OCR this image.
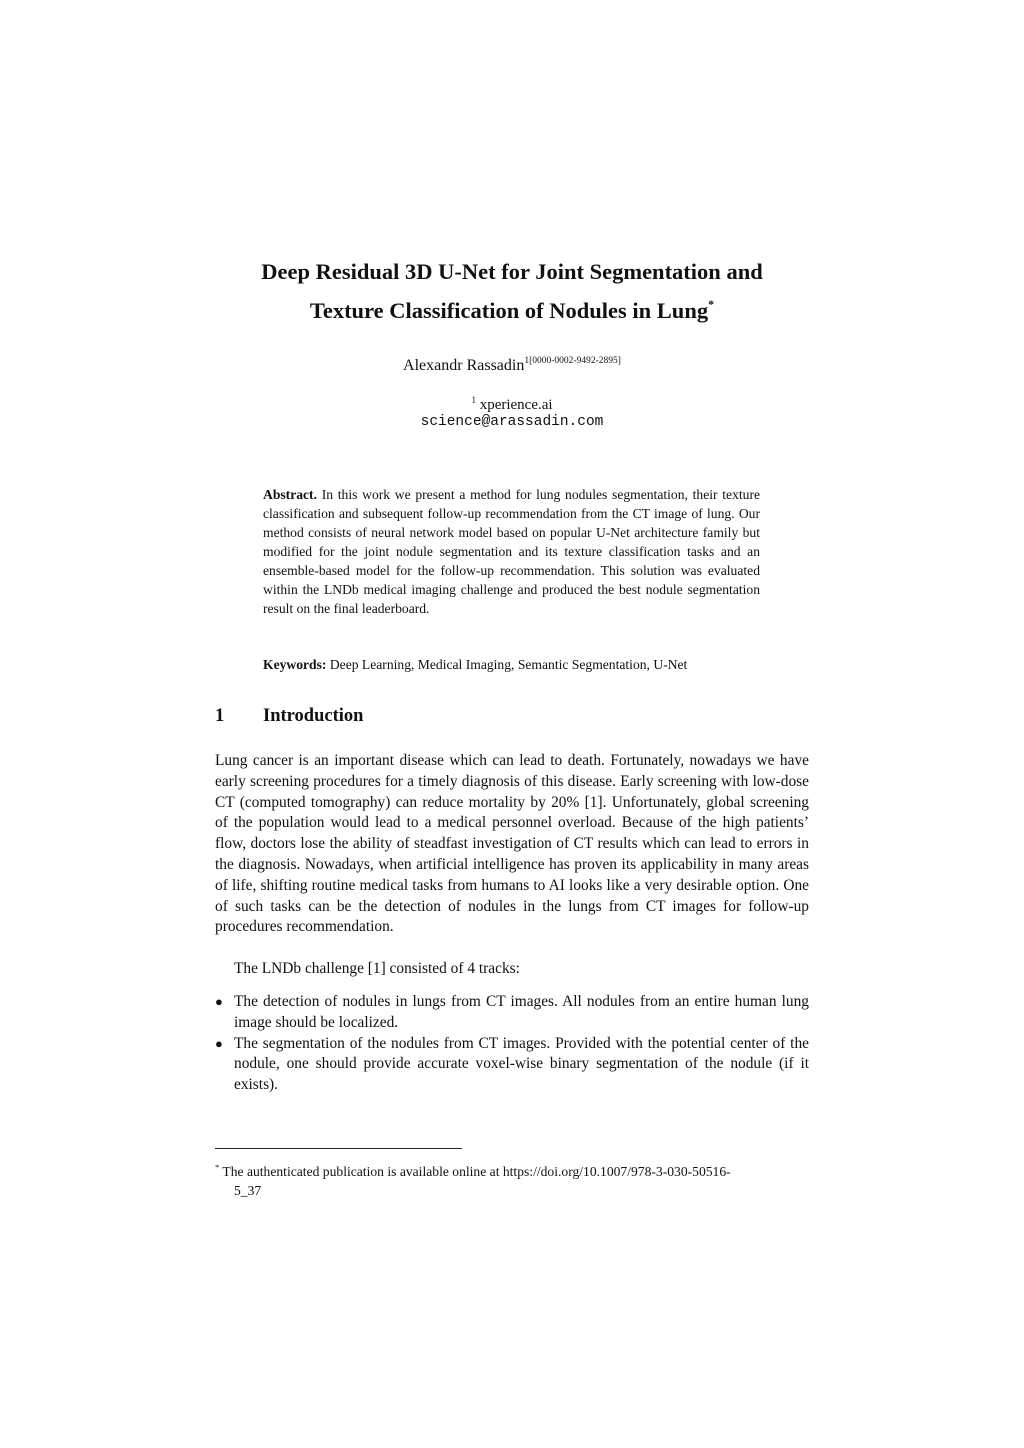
Deep Residual 3D U-Net for Joint Segmentation and
Texture Classification of Nodules in Lung*
Alexandr Rassadin$^{1[0000-0002-9492-2895]}$
$^1$ xperience.ai
science@arassadin.com

Abstract. In this work we present a method for lung nodules segmentation, their texture classification and subsequent follow-up recommendation from the CT image of lung. Our method consists of neural network model based on popular U-Net architecture family but modified for the joint nodule segmentation and its texture classification tasks and an ensemble-based model for the follow-up recommendation. This solution was evaluated within the LNDb medical imaging challenge and produced the best nodule segmentation result on the final leaderboard.

Keywords: Deep Learning, Medical Imaging, Semantic Segmentation, U-Net

1 Introduction

Lung cancer is an important disease which can lead to death. Fortunately, nowadays we have early screening procedures for a timely diagnosis of this disease. Early screening with low-dose CT (computed tomography) can reduce mortality by 20% [1]. Unfortunately, global screening of the population would lead to a medical personnel overload. Because of the high patients’ flow, doctors lose the ability of steadfast investigation of CT results which can lead to errors in the diagnosis. Nowadays, when artificial intelligence has proven its applicability in many areas of life, shifting routine medical tasks from humans to AI looks like a very desirable option. One of such tasks can be the detection of nodules in the lungs from CT images for follow-up procedures recommendation.

The LNDb challenge [1] consisted of 4 tracks:

● The detection of nodules in lungs from CT images. All nodules from an entire human lung image should be localized.
● The segmentation of the nodules from CT images. Provided with the potential center of the nodule, one should provide accurate voxel-wise binary segmentation of the nodule (if it exists).

* The authenticated publication is available online at https://doi.org/10.1007/978-3-030-50516-
5_37
